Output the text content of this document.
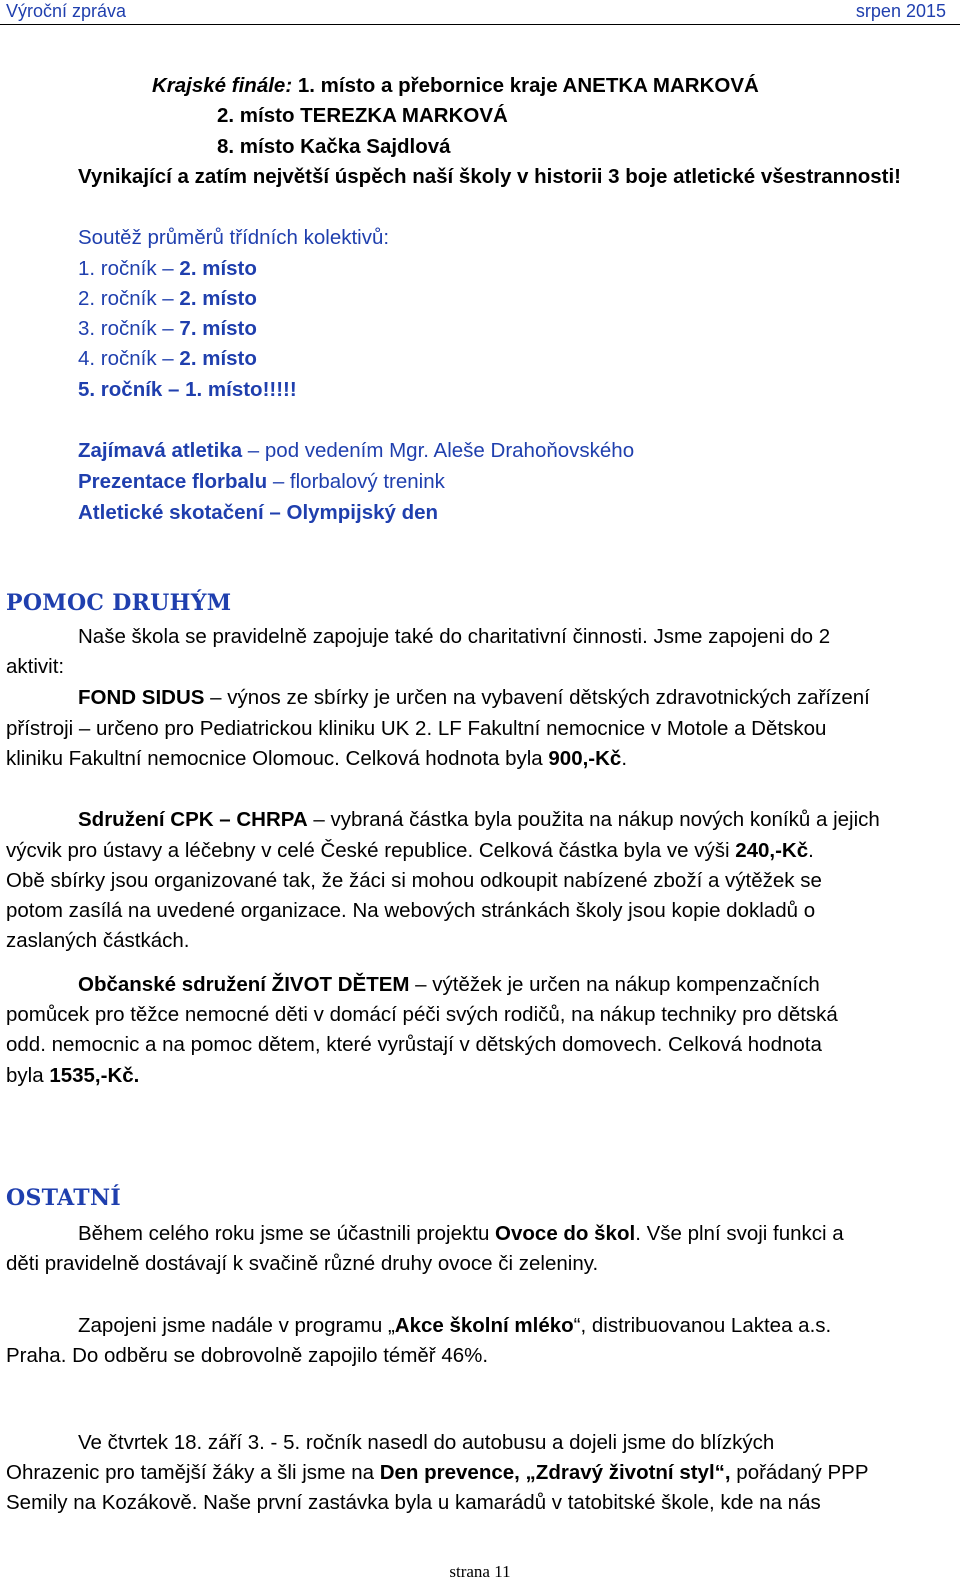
Výroční zpráva	srpen 2015
Krajské finále: 1. místo a přebornice kraje ANETKA MARKOVÁ
2. místo TEREZKA MARKOVÁ
8. místo Kačka Sajdlová
Vynikající a zatím největší úspěch naší školy v historii 3 boje atletické všestrannosti!
Soutěž průměrů třídních kolektivů:
1. ročník – 2. místo
2. ročník – 2. místo
3. ročník – 7. místo
4. ročník – 2. místo
5. ročník – 1. místo!!!!!
Zajímavá atletika – pod vedením Mgr. Aleše Drahoňovského
Prezentace florbalu – florbalový trenink
Atletické skotačení – Olympijský den
POMOC DRUHÝM
Naše škola se pravidelně zapojuje také do charitativní činnosti. Jsme zapojeni do 2
aktivit:
FOND SIDUS – výnos ze sbírky je určen na vybavení dětských zdravotnických zařízení
přístroji – určeno pro Pediatrickou kliniku UK 2. LF Fakultní nemocnice v Motole a Dětskou
kliniku Fakultní nemocnice Olomouc. Celková hodnota byla 900,-Kč.
Sdružení CPK – CHRPA – vybraná částka byla použita na nákup nových koníků a jejich
výcvik pro ústavy a léčebny v celé České republice. Celková částka byla ve výši 240,-Kč.
Obě sbírky jsou organizované tak, že žáci si mohou odkoupit nabízené zboží a výtěžek se
potom zasílá na uvedené organizace. Na webových stránkách školy jsou kopie dokladů o
zaslaných částkách.
Občanské sdružení ŽIVOT DĚTEM – výtěžek je určen na nákup kompenzačních
pomůcek pro těžce nemocné děti v domácí péči svých rodičů, na nákup techniky pro dětská
odd. nemocnic a na pomoc dětem, které vyrůstají v dětských domovech. Celková hodnota
byla 1535,-Kč.
OSTATNÍ
Během celého roku jsme se účastnili projektu Ovoce do škol. Vše plní svoji funkci a
děti pravidelně dostávají k svačině různé druhy ovoce či zeleniny.
Zapojeni jsme nadále v programu „Akce školní mléko“, distribuovanou Laktea a.s.
Praha. Do odběru se dobrovolně zapojilo téměř 46%.
Ve čtvrtek 18. září 3. - 5. ročník nasedl do autobusu a dojeli jsme do blízkých
Ohrazenic pro tamější žáky a šli jsme na Den prevence, „Zdravý životní styl“, pořádaný PPP
Semily na Kozákově. Naše první zastávka byla u kamarádů v tatobitské škole, kde na nás
strana 11
